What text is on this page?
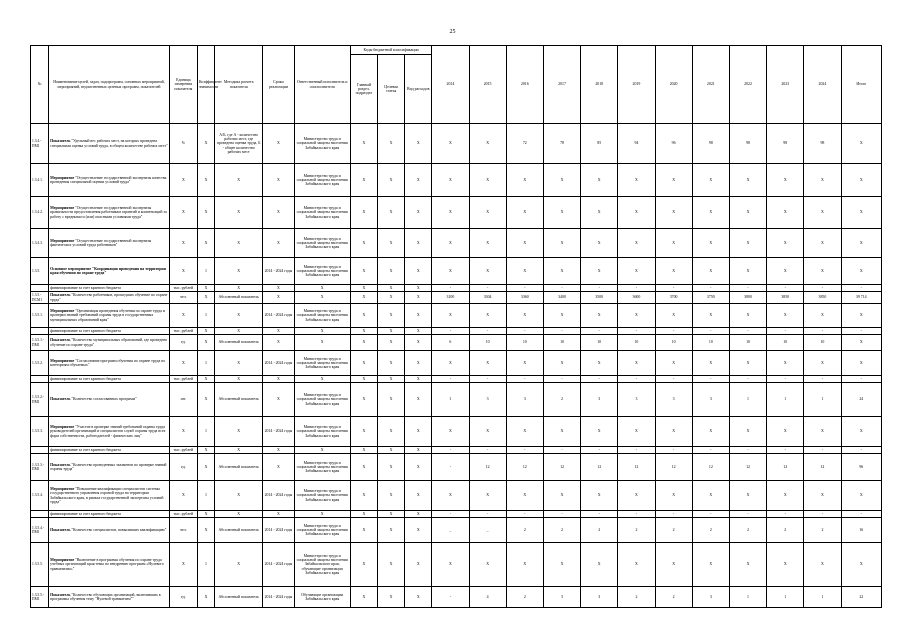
25
№	Наименование целей, задач, подпрограмм, основных мероприятий, мероприятий, ведомственных целевых программ, показателей	Единица измерения показателя	Коэффициент значимости	Методика расчета показателя	Сроки реализации	Ответственный исполнитель и соисполнители	Коды бюджетной классификации			2014	2015	2016	2017	2018	2019	2020	2021	2022	2023	2024	Итого
							Главный раздел, подраздел	Целевая статья	Вид расходов												
1.3.4.-ПМ1	Показатель "Удельный вес рабочих мест, на которых проведена специальная оценка условий труда, в общем количестве рабочих мест"	%	X	А/Б, где А - количество рабочих мест, где проведена оценка труда, Б - общее количество рабочих мест	X	Министерство труда и социальной защиты населения Забайкальского края	X	X	X	X	X	72	78	85	94	96	98	98	98	98	X
1.3.4.1.	Мероприятие "Осуществление государственной экспертизы качества проведения специальной оценки условий труда"	X	X	X	X	Министерство труда и социальной защиты населения Забайкальского края	X	X	X	X	X	X	X	X	X	X	X	X	X	X	X
1.3.4.2.	Мероприятие "Осуществление государственной экспертизы правильности предоставления работникам гарантий и компенсаций за работу с вредными и (или) опасными условиями труда"	X	X	X	X	Министерство труда и социальной защиты населения Забайкальского края	X	X	X	X	X	X	X	X	X	X	X	X	X	X	X
1.3.4.3.	Мероприятие "Осуществление государственной экспертизы фактических условий труда работников"	X	X	X	X	Министерство труда и социальной защиты населения Забайкальского края	X	X	X	X	X	X	X	X	X	X	X	X	X	X	X
1.3.5.	Основное мероприятие "Координация проведения на территории края обучения по охране труда"	X	1	X	2014 - 2024 годы	Министерство труда и социальной защиты населения Забайкальского края	X	X	X	X	X	X	X	X	X	X	X	X	X	X	X
	финансирование за счет краевого бюджета	тыс. рублей	X	X	X	X	X	X	X	-	-	-	-	-	-	-	-	-	-	-	-
1.3.5.-ПСМ1	Показатель "Количество работников, прошедших обучение по охране труда"	чел.	X	Абсолютный показатель	X	X	X	X	X	3100	3304	3360	3400	3500	3600	3700	3750	3800	3850	3850	39 714
1.3.5.1.	Мероприятие "Организация проведения обучения по охране труда и проверки знаний требований охраны труда в государственных муниципальных образований края"	X	1	X	2014 - 2024 годы	Министерство труда и социальной защиты населения Забайкальского края	X	X	X	X	X	X	X	X	X	X	X	X	X	X	X
	финансирование за счет краевого бюджета	тыс. рублей	X	X	X	X	X	X	X	-	-	-	-	-	-	-	-	-	-	-	-
1.3.5.1.-ПМ1	Показатель "Количество муниципальных образований, где проведено обучение по охране труда"	ед.	X	Абсолютный показатель	X	X	X	X	X	6	10	10	10	10	10	10	10	10	10	10	X
1.3.5.2.	Мероприятие "Согласование программ обучения по охране труда по категориям обучаемых"	X	1	X	2014 - 2024 годы	Министерство труда и социальной защиты населения Забайкальского края	X	X	X	X	X	X	X	X	X	X	X	X	X	X	X
	финансирование за счет краевого бюджета	тыс. рублей	X	X	X	X	X	X	X	-	-	-	-	-	-	-	-	-	-	-	-
1.3.5.2.-ПМ1	Показатель "Количество согласованных программ"	шт.	X	Абсолютный показатель	X	Министерство труда и социальной защиты населения Забайкальского края	X	X	X	1	3	3	2	3	3	3	3	1	1	1	24
1.3.5.3.	Мероприятие "Участие в проверке знаний требований охраны труда руководителей организаций и специалистов служб охраны труда всех форм собственности, работодателей - физических лиц"	X	1	X	2014 - 2024 годы	Министерство труда и социальной защиты населения Забайкальского края	X	X	X	X	X	X	X	X	X	X	X	X	X	X	X
	финансирование за счет краевого бюджета	тыс. рублей	X	X	X	X	X	X	X	-	-	-	-	-	-	-	-	-	-	-	-
1.3.5.3.-ПМ1	Показатель "Количество проведенных экзаменов по проверке знаний охраны труда"	ед.	X	Абсолютный показатель	X	Министерство труда и социальной защиты населения Забайкальского края	X	X	X	-	12	12	12	12	12	12	12	12	12	12	96
1.3.5.4.	Мероприятие "Повышение квалификации специалистов системы государственного управления охраной труда на территории Забайкальского края, в рамках государственной экспертизы условий труда"	X	1	X	2014 - 2024 годы	Министерство труда и социальной защиты населения Забайкальского края	X	X	X	X	X	X	X	X	X	X	X	X	X	X	X
	финансирование за счет краевого бюджета	тыс. рублей	X	X	X	X	X	X	X	-	-	-	-	-	-	-	-	-	-	-	-
1.3.5.4.-ПМ1	Показатель "Количество специалистов, повысивших квалификацию"	чел.	X	Абсолютный показатель	2014 - 2024 годы	Министерство труда и социальной защиты населения Забайкальского края	X	X	X	_	_	2	2	2	2	2	2	2	2	2	16
1.3.5.5.	Мероприятие "Включение в программы обучения по охране труда учебных организаций края темы по внедрению программ «Нулевого травматизма»"	X	1	X	2014 - 2024 годы	Министерство труда и социальной защиты населения Забайкальского края, обучающие организации Забайкальского края	X	X	X	X	X	X	X	X	X	X	X	X	X	X	X
1.3.5.5.-ПМ1	Показатель "Количество обучающих организаций, включивших в программы обучения тему "Нулевой травматизм""	ед.	X	Абсолютный показатель	2014 - 2024 годы	Обучающие организации Забайкальского края	X	X	X	-	4	2	3	3	2	2	3	1	1	1	22
